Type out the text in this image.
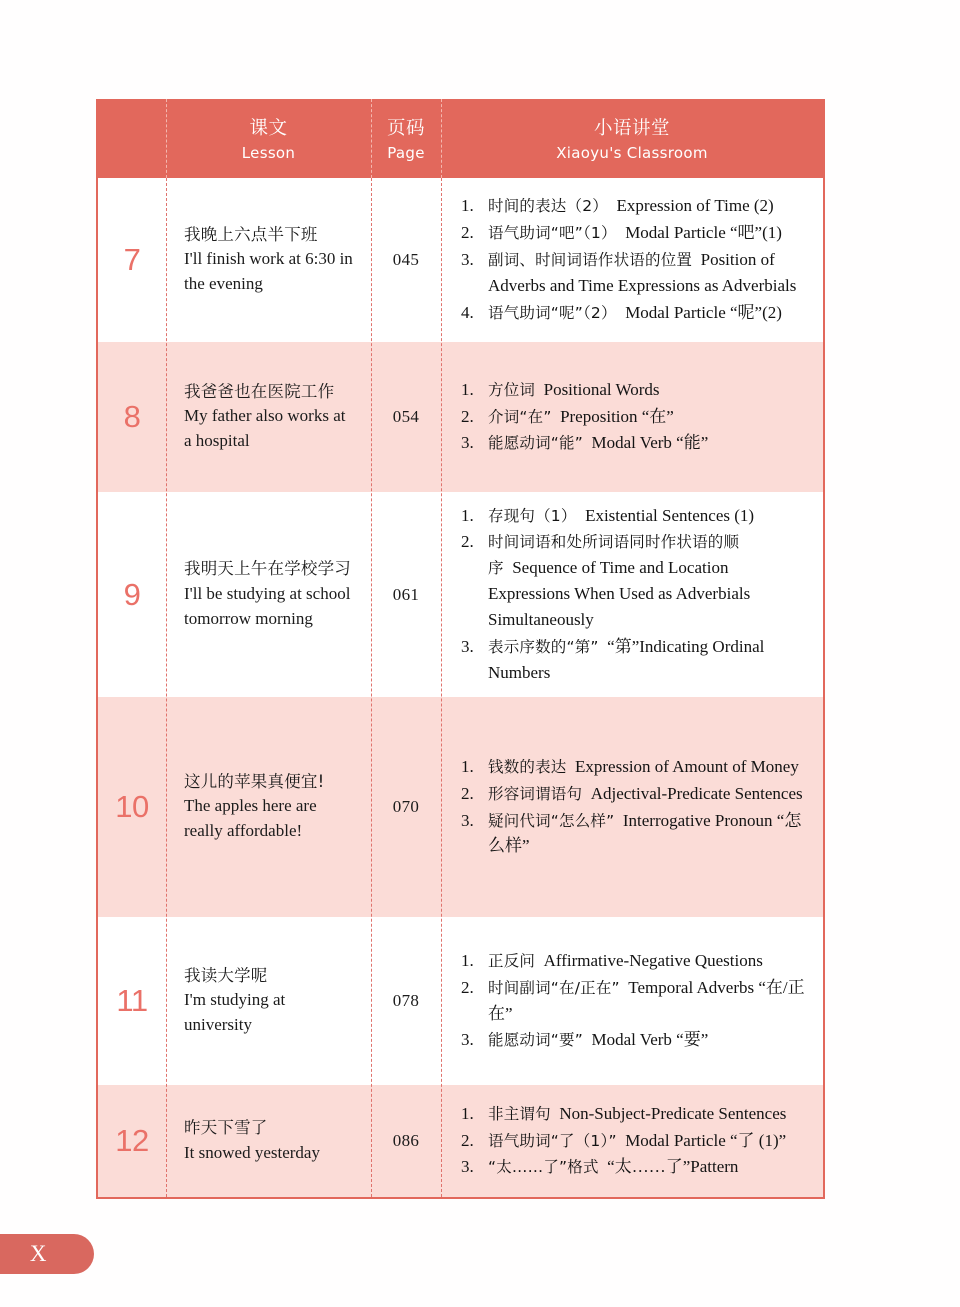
课文
Lesson
页码
Page
小语讲堂
Xiaoyu's Classroom
7
我晚上六点半下班
I'll finish work at 6:30 in the evening
045
1. 时间的表达（2）  Expression of Time (2)
2. 语气助词“吧”（1）  Modal Particle “吧”(1)
3. 副词、时间词语作状语的位置  Position of Adverbs and Time Expressions as Adverbials
4. 语气助词“呢”（2）  Modal Particle “呢”(2)
8
我爸爸也在医院工作
My father also works at a hospital
054
1. 方位词  Positional Words
2. 介词“在”  Preposition “在”
3. 能愿动词“能”  Modal Verb “能”
9
我明天上午在学校学习
I'll be studying at school tomorrow morning
061
1. 存现句（1）  Existential Sentences (1)
2. 时间词语和处所词语同时作状语的顺序  Sequence of Time and Location Expressions When Used as Adverbials Simultaneously
3. 表示序数的“第”  “第”Indicating Ordinal Numbers
10
这儿的苹果真便宜!
The apples here are really affordable!
070
1. 钱数的表达  Expression of Amount of Money
2. 形容词谓语句  Adjectival-Predicate Sentences
3. 疑问代词“怎么样”  Interrogative Pronoun “怎么样”
11
我读大学呢
I'm studying at university
078
1. 正反问  Affirmative-Negative Questions
2. 时间副词“在/正在”  Temporal Adverbs “在/正在”
3. 能愿动词“要”  Modal Verb “要”
12	昨天下雪了
It snowed yesterday
086
1. 非主谓句  Non-Subject-Predicate Sentences
2. 语气助词“了（1）”  Modal Particle “了 (1)”
3. “太……了”格式  “太……了”Pattern
X
